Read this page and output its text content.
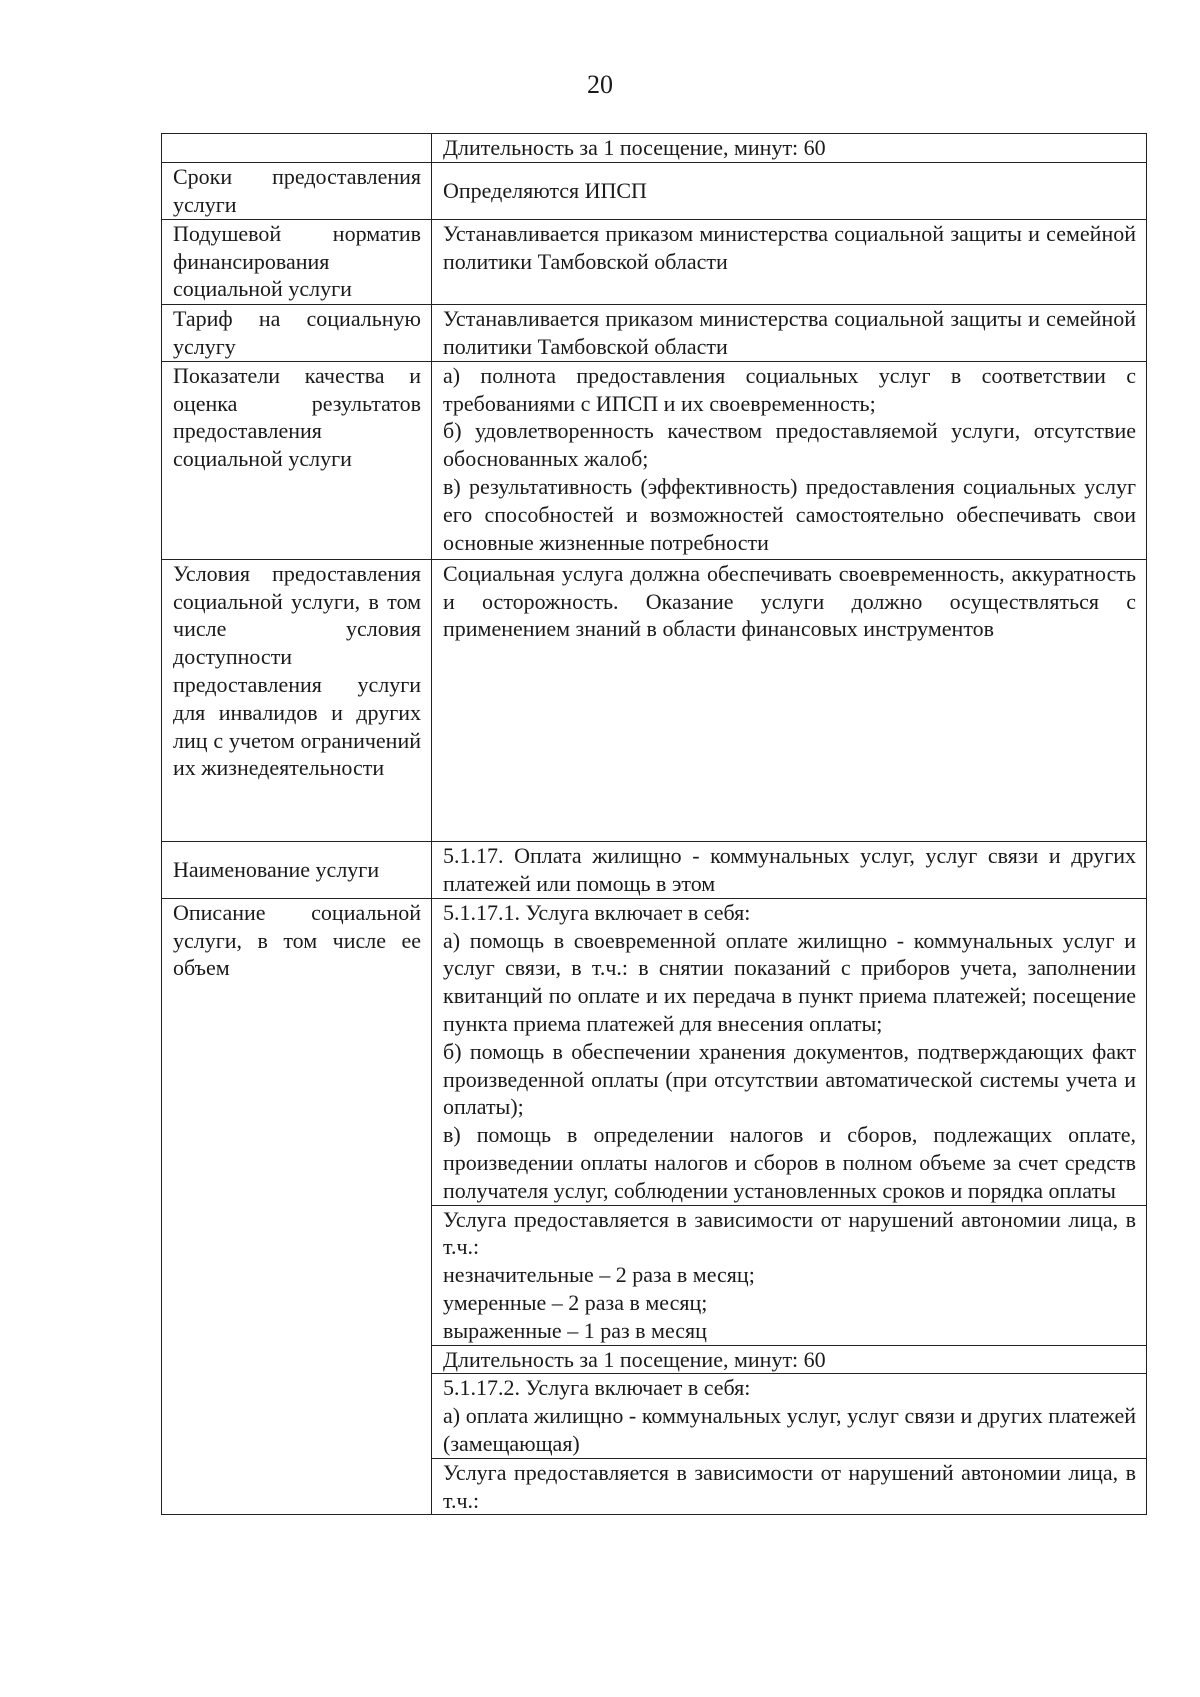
20
	Длительность за 1 посещение, минут: 60
Сроки предоставления услуги	Определяются ИПСП
Подушевой норматив финансирования социальной услуги	Устанавливается приказом министерства социальной защиты и семейной политики Тамбовской области
Тариф на социальную услугу	Устанавливается приказом министерства социальной защиты и семейной политики Тамбовской области
Показатели качества и оценка результатов предоставления социальной услуги	а) полнота предоставления социальных услуг в соответствии с требованиями с ИПСП и их своевременность;
б) удовлетворенность качеством предоставляемой услуги, отсутствие обоснованных жалоб;
в) результативность (эффективность) предоставления социальных услуг его способностей и возможностей самостоятельно обеспечивать свои основные жизненные потребности

Условия предоставления социальной услуги, в том числе условия доступности предоставления услуги для инвалидов и других лиц с учетом ограничений их жизнедеятельности	Социальная услуга должна обеспечивать своевременность, аккуратность и осторожность. Оказание услуги должно осуществляться с применением знаний в области финансовых инструментов
Наименование услуги	5.1.17. Оплата жилищно - коммунальных услуг, услуг связи и других платежей или помощь в этом
Описание социальной услуги, в том числе ее объем	5.1.17.1. Услуга включает в себя:
а) помощь в своевременной оплате жилищно - коммунальных услуг и услуг связи, в т.ч.: в снятии показаний с приборов учета, заполнении квитанций по оплате и их передача в пункт приема платежей; посещение пункта приема платежей для внесения оплаты;
б) помощь в обеспечении хранения документов, подтверждающих факт произведенной оплаты (при отсутствии автоматической системы учета и оплаты);
в) помощь в определении налогов и сборов, подлежащих оплате, произведении оплаты налогов и сборов в полном объеме за счет средств получателя услуг, соблюдении установленных сроков и порядка оплаты

	Услуга предоставляется в зависимости от нарушений автономии лица, в т.ч.:
незначительные – 2 раза в месяц;
умеренные – 2 раза в месяц;
выраженные – 1 раз в месяц

	Длительность за 1 посещение, минут: 60

	5.1.17.2. Услуга включает в себя:
а) оплата жилищно - коммунальных услуг, услуг связи и других платежей (замещающая)

	Услуга предоставляется в зависимости от нарушений автономии лица, в т.ч.:
